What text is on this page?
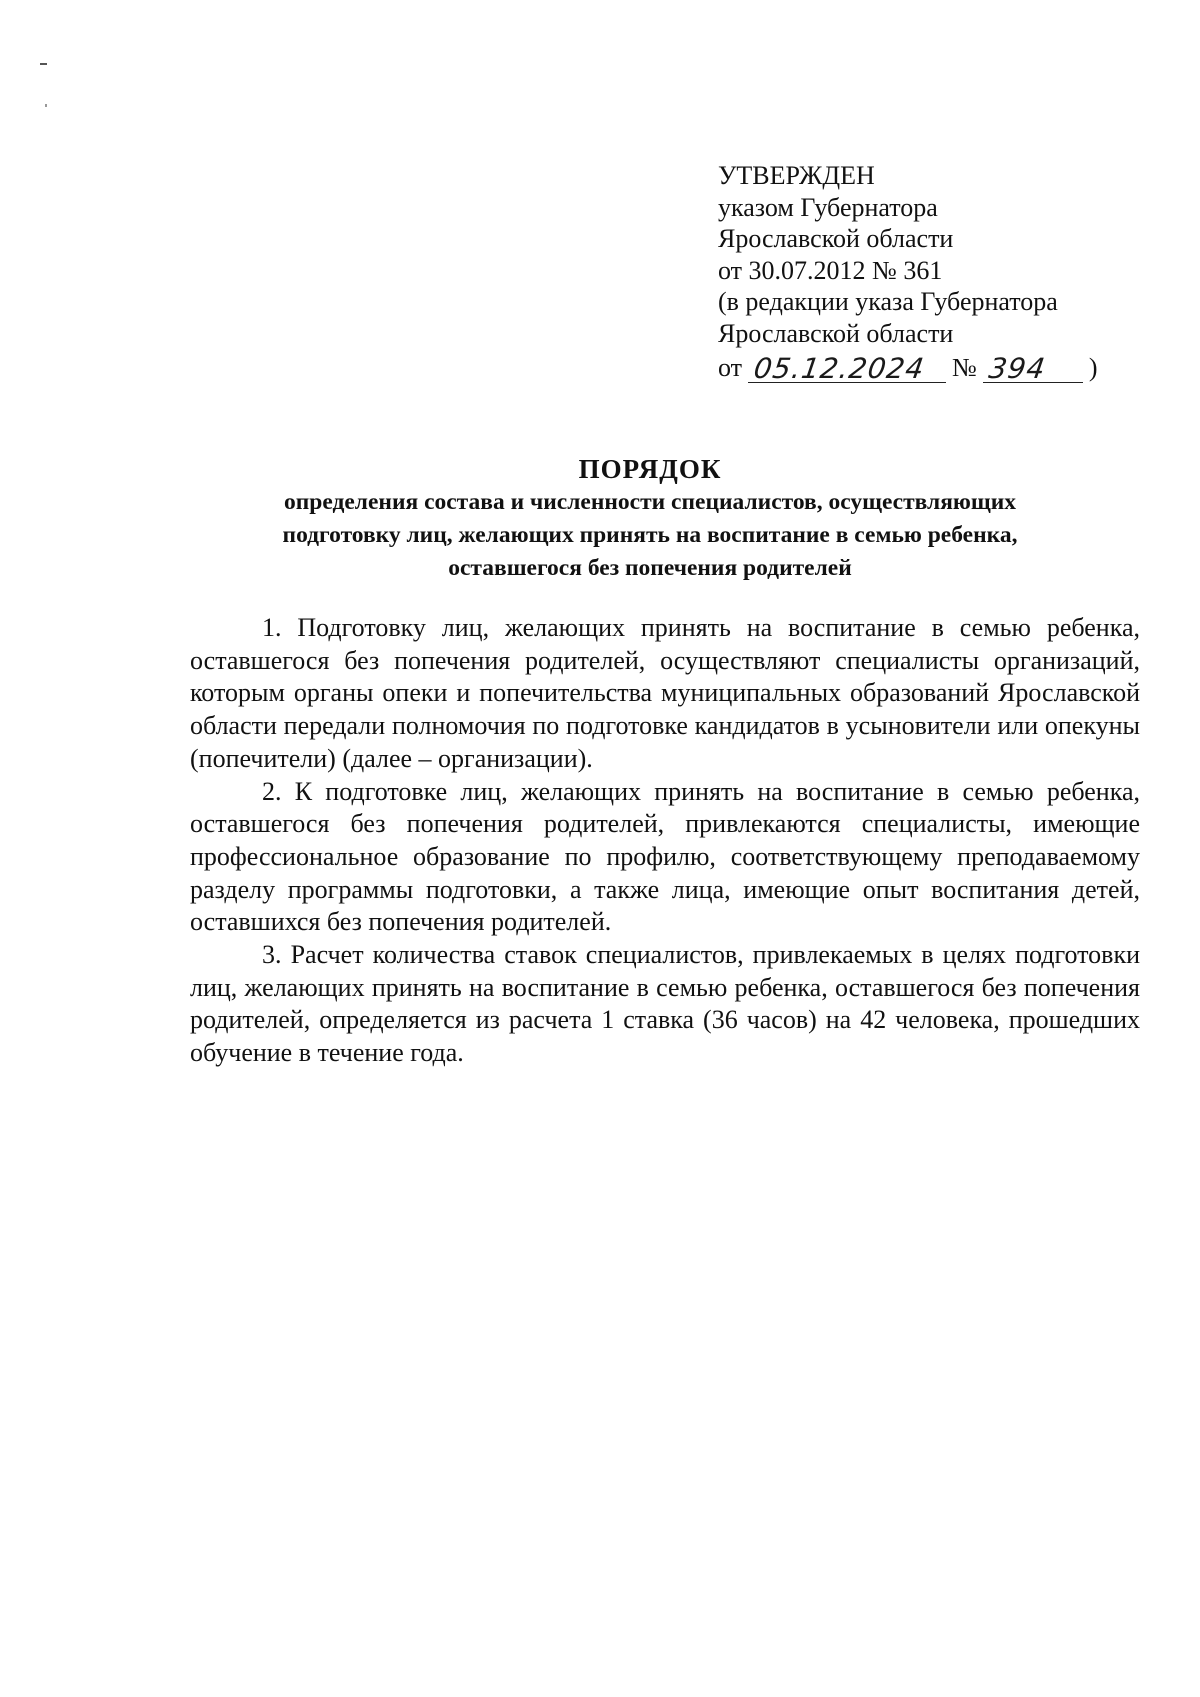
УТВЕРЖДЕН
указом Губернатора
Ярославской области
от 30.07.2012 № 361
(в редакции указа Губернатора
Ярославской области
от 05.12.2024 № 394 )
ПОРЯДОК
определения состава и численности специалистов, осуществляющих
подготовку лиц, желающих принять на воспитание в семью ребенка,
оставшегося без попечения родителей

1. Подготовку лиц, желающих принять на воспитание в семью ребенка, оставшегося без попечения родителей, осуществляют специалисты организаций, которым органы опеки и попечительства муниципальных образований Ярославской области передали полномочия по подготовке кандидатов в усыновители или опекуны (попечители) (далее – организации).

2. К подготовке лиц, желающих принять на воспитание в семью ребенка, оставшегося без попечения родителей, привлекаются специалисты, имеющие профессиональное образование по профилю, соответствующему преподаваемому разделу программы подготовки, а также лица, имеющие опыт воспитания детей, оставшихся без попечения родителей.

3. Расчет количества ставок специалистов, привлекаемых в целях подготовки лиц, желающих принять на воспитание в семью ребенка, оставшегося без попечения родителей, определяется из расчета 1 ставка (36 часов) на 42 человека, прошедших обучение в течение года.
